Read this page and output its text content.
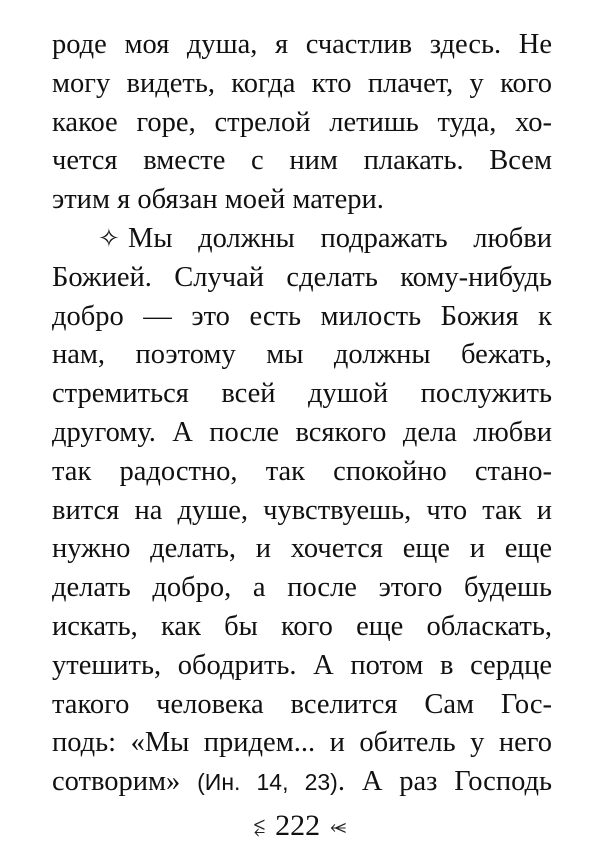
роде моя душа, я счастлив здесь. Не
могу видеть, когда кто плачет, у кого
какое горе, стрелой летишь туда, хо-
чется вместе с ним плакать. Всем
этим я обязан моей матери.
✧ Мы должны подражать любви
Божией. Случай сделать кому-нибудь
добро — это есть милость Божия к
нам, поэтому мы должны бежать,
стремиться всей душой послужить
другому. А после всякого дела любви
так радостно, так спокойно стано-
вится на душе, чувствуешь, что так и
нужно делать, и хочется еще и еще
делать добро, а после этого будешь
искать, как бы кого еще обласкать,
утешить, ободрить. А потом в сердце
такого человека вселится Сам Гос-
подь: «Мы придем... и обитель у него
сотворим» (Ин. 14, 23). А раз Господь
⥶ 222 ⥷
